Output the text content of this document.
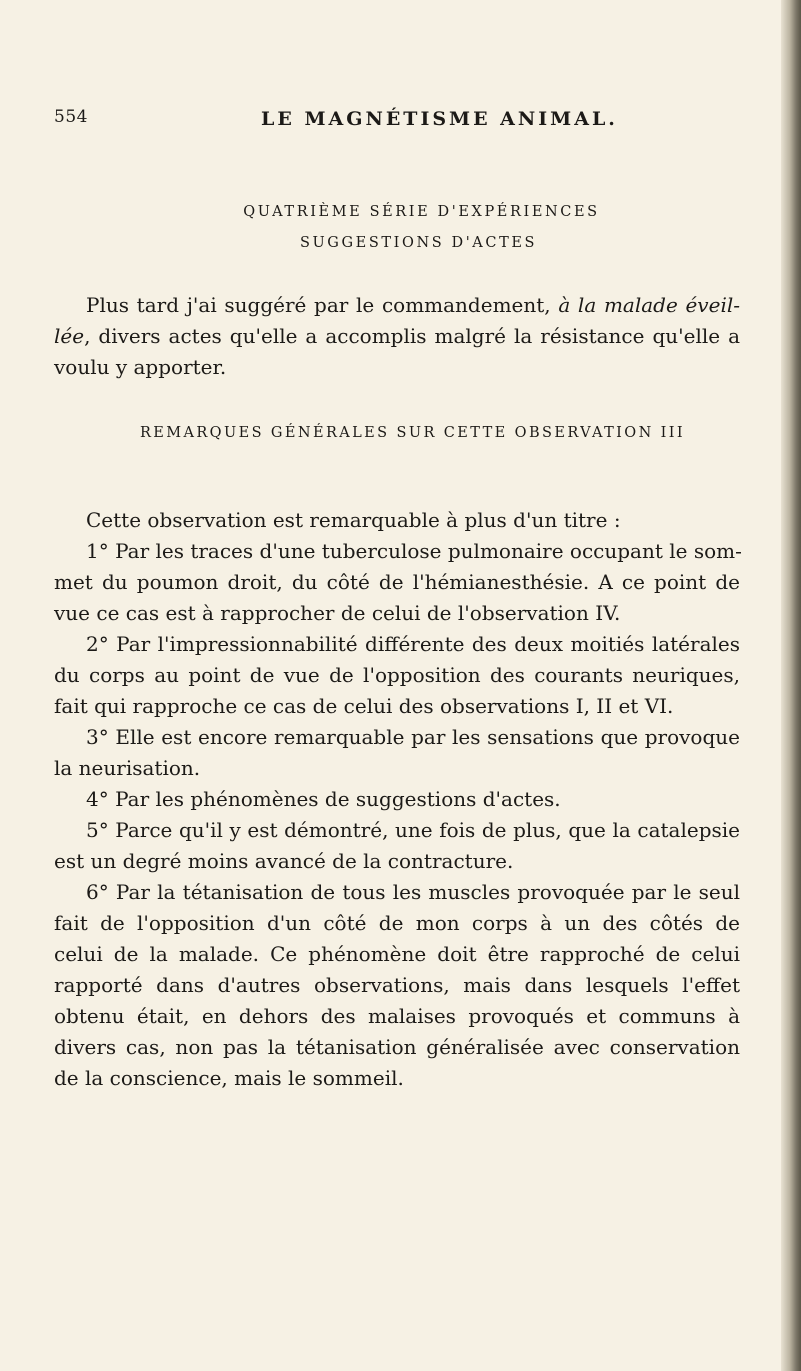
554	LE MAGNÉTISME ANIMAL.
QUATRIÈME SÉRIE D'EXPÉRIENCES
SUGGESTIONS D'ACTES
Plus tard j'ai suggéré par le commandement, à la malade éveil-
lée, divers actes qu'elle a accomplis malgré la résistance qu'elle a
voulu y apporter.
REMARQUES GÉNÉRALES SUR CETTE OBSERVATION III
Cette observation est remarquable à plus d'un titre :
1° Par les traces d'une tuberculose pulmonaire occupant le som-
met du poumon droit, du côté de l'hémianesthésie. A ce point de
vue ce cas est à rapprocher de celui de l'observation IV.
2° Par l'impressionnabilité différente des deux moitiés latérales
du corps au point de vue de l'opposition des courants neuriques,
fait qui rapproche ce cas de celui des observations I, II et VI.
3° Elle est encore remarquable par les sensations que provoque
la neurisation.
4° Par les phénomènes de suggestions d'actes.
5° Parce qu'il y est démontré, une fois de plus, que la catalepsie
est un degré moins avancé de la contracture.
6° Par la tétanisation de tous les muscles provoquée par le seul
fait de l'opposition d'un côté de mon corps à un des côtés de
celui de la malade. Ce phénomène doit être rapproché de celui
rapporté dans d'autres observations, mais dans lesquels l'effet
obtenu était, en dehors des malaises provoqués et communs à
divers cas, non pas la tétanisation généralisée avec conservation
de la conscience, mais le sommeil.
